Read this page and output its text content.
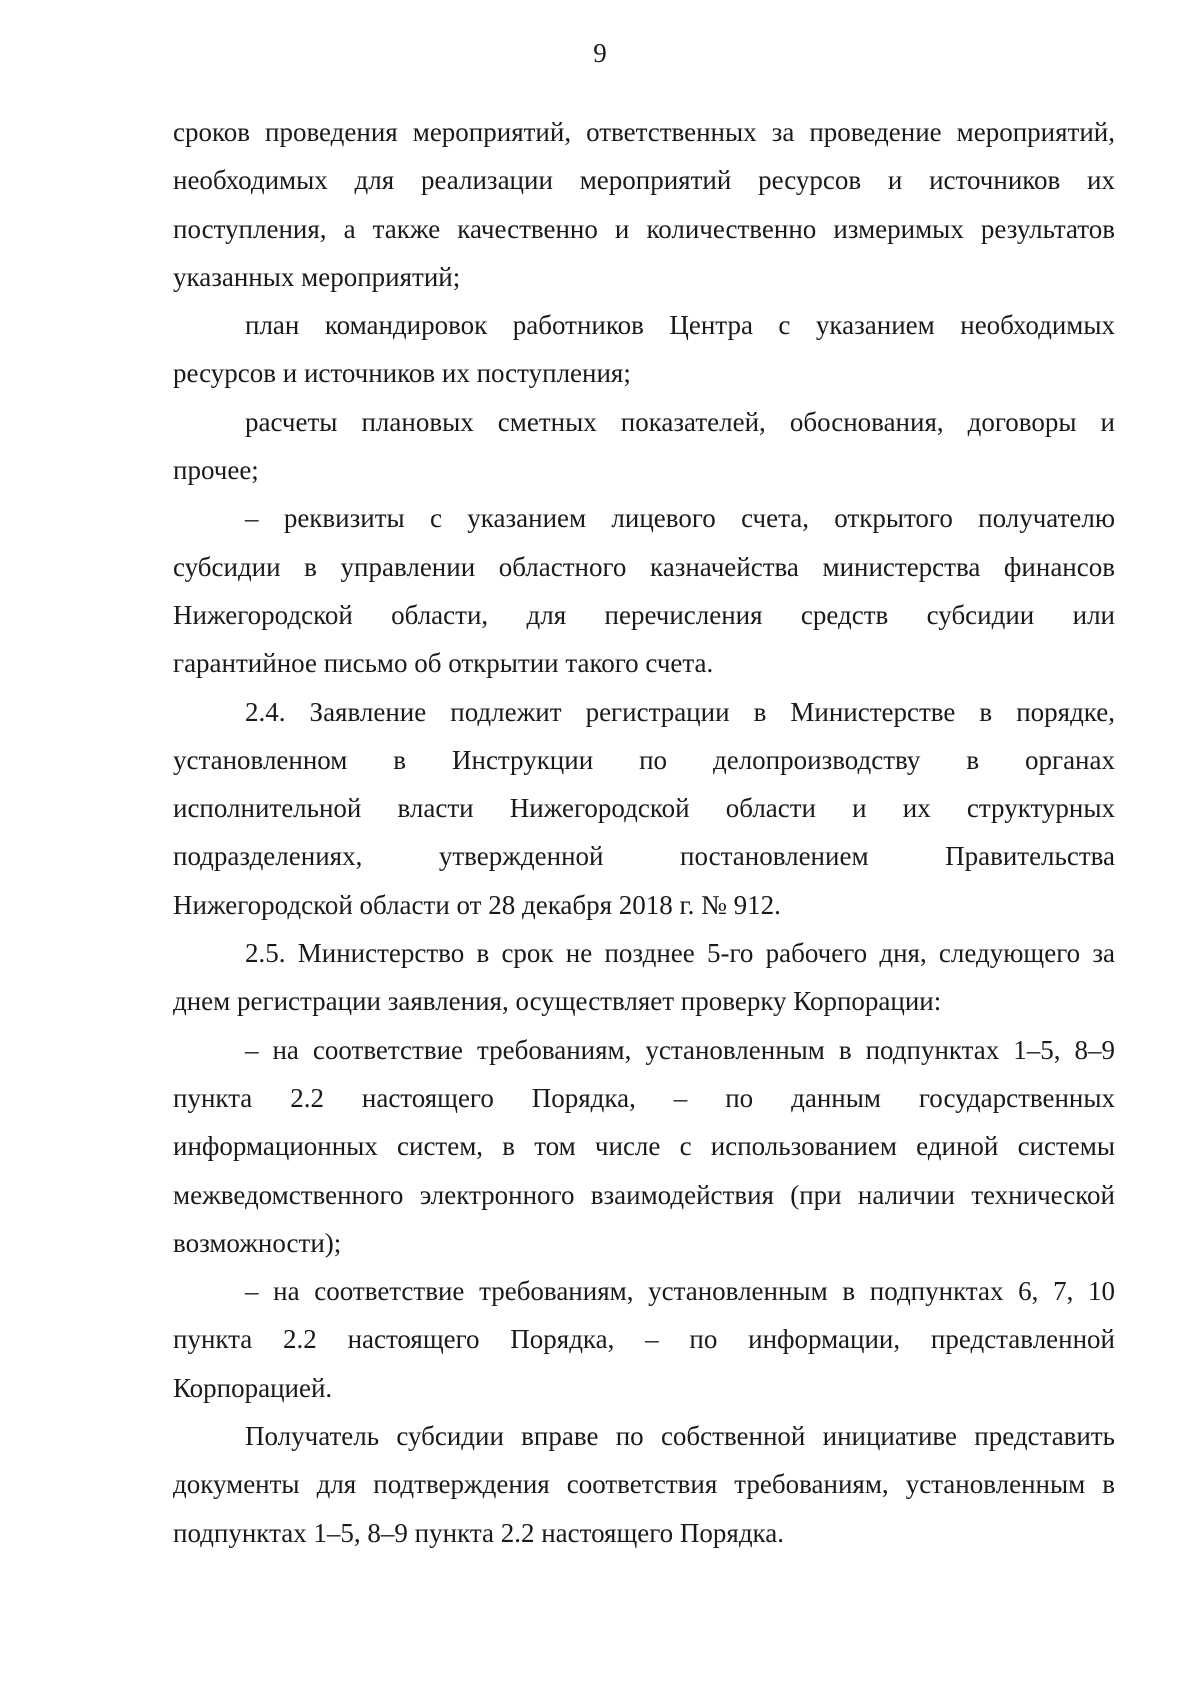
9
сроков проведения мероприятий, ответственных за проведение мероприятий,
необходимых для реализации мероприятий ресурсов и источников их
поступления, а также качественно и количественно измеримых результатов
указанных мероприятий;
план командировок работников Центра с указанием необходимых
ресурсов и источников их поступления;
расчеты плановых сметных показателей, обоснования, договоры и
прочее;
– реквизиты с указанием лицевого счета, открытого получателю
субсидии в управлении областного казначейства министерства финансов
Нижегородской области, для перечисления средств субсидии или
гарантийное письмо об открытии такого счета.
2.4. Заявление подлежит регистрации в Министерстве в порядке,
установленном в Инструкции по делопроизводству в органах
исполнительной власти Нижегородской области и их структурных
подразделениях, утвержденной постановлением Правительства
Нижегородской области от 28 декабря 2018 г. № 912.
2.5. Министерство в срок не позднее 5-го рабочего дня, следующего за
днем регистрации заявления, осуществляет проверку Корпорации:
– на соответствие требованиям, установленным в подпунктах 1–5, 8–9
пункта 2.2 настоящего Порядка, – по данным государственных
информационных систем, в том числе с использованием единой системы
межведомственного электронного взаимодействия (при наличии технической
возможности);
– на соответствие требованиям, установленным в подпунктах 6, 7, 10
пункта 2.2 настоящего Порядка, – по информации, представленной
Корпорацией.
Получатель субсидии вправе по собственной инициативе представить
документы для подтверждения соответствия требованиям, установленным в
подпунктах 1–5, 8–9 пункта 2.2 настоящего Порядка.
